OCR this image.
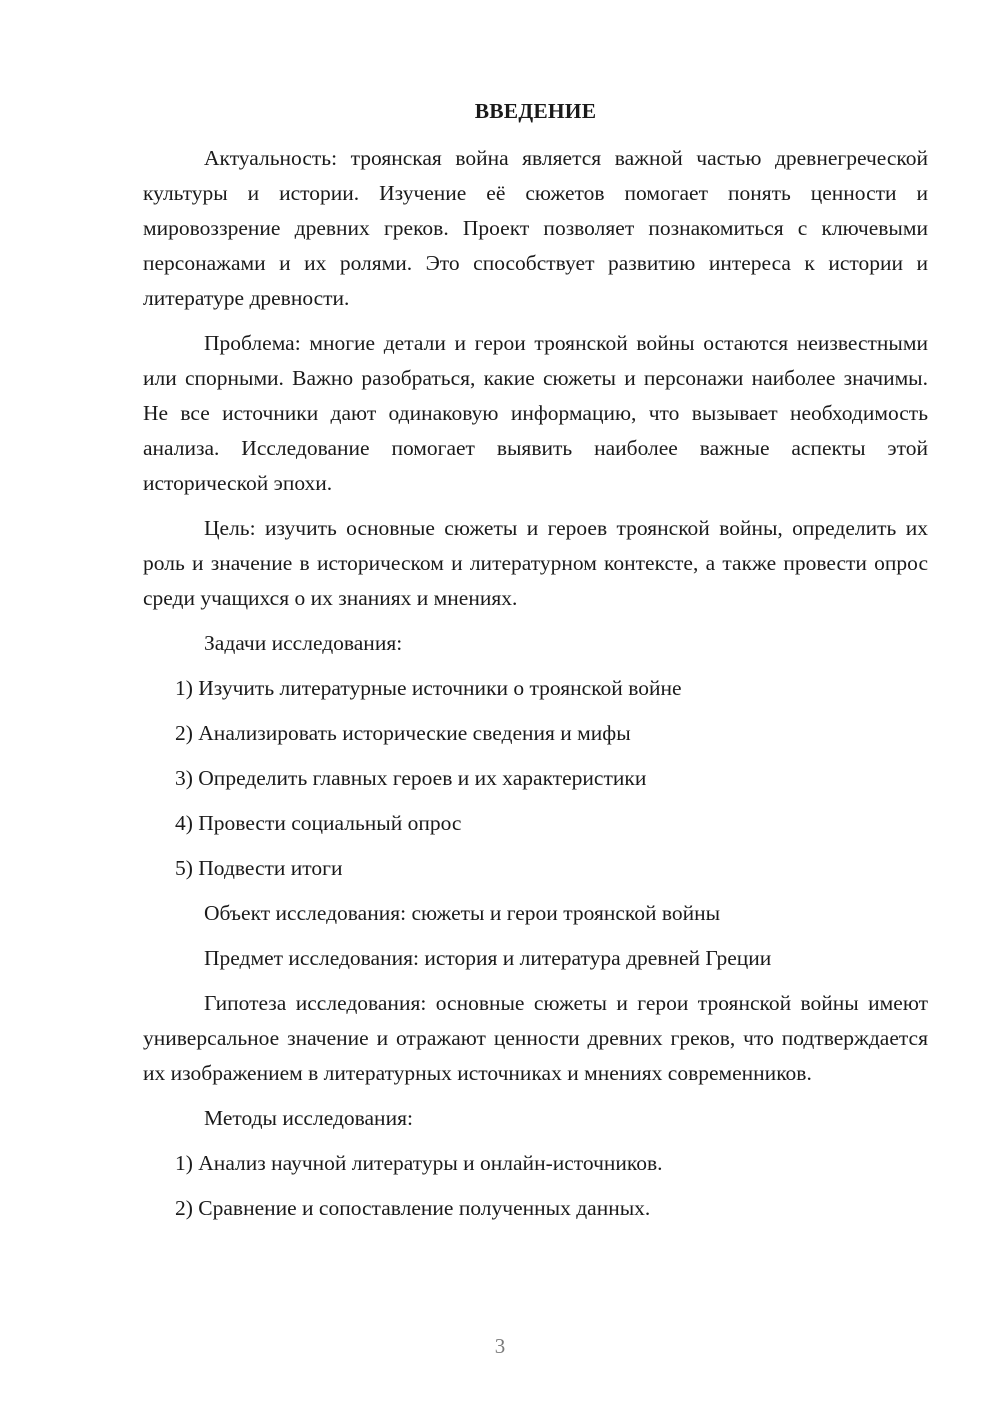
ВВЕДЕНИЕ

Актуальность: троянская война является важной частью древнегреческой культуры и истории. Изучение её сюжетов помогает понять ценности и мировоззрение древних греков. Проект позволяет познакомиться с ключевыми персонажами и их ролями. Это способствует развитию интереса к истории и литературе древности.

Проблема: многие детали и герои троянской войны остаются неизвестными или спорными. Важно разобраться, какие сюжеты и персонажи наиболее значимы. Не все источники дают одинаковую информацию, что вызывает необходимость анализа. Исследование помогает выявить наиболее важные аспекты этой исторической эпохи.

Цель: изучить основные сюжеты и героев троянской войны, определить их роль и значение в историческом и литературном контексте, а также провести опрос среди учащихся о их знаниях и мнениях.

Задачи исследования:

1) Изучить литературные источники о троянской войне
2) Анализировать исторические сведения и мифы
3) Определить главных героев и их характеристики
4) Провести социальный опрос
5) Подвести итоги

Объект исследования: сюжеты и герои троянской войны

Предмет исследования: история и литература древней Греции

Гипотеза исследования: основные сюжеты и герои троянской войны имеют универсальное значение и отражают ценности древних греков, что подтверждается их изображением в литературных источниках и мнениях современников.

Методы исследования:

1) Анализ научной литературы и онлайн-источников.
2) Сравнение и сопоставление полученных данных.
3
